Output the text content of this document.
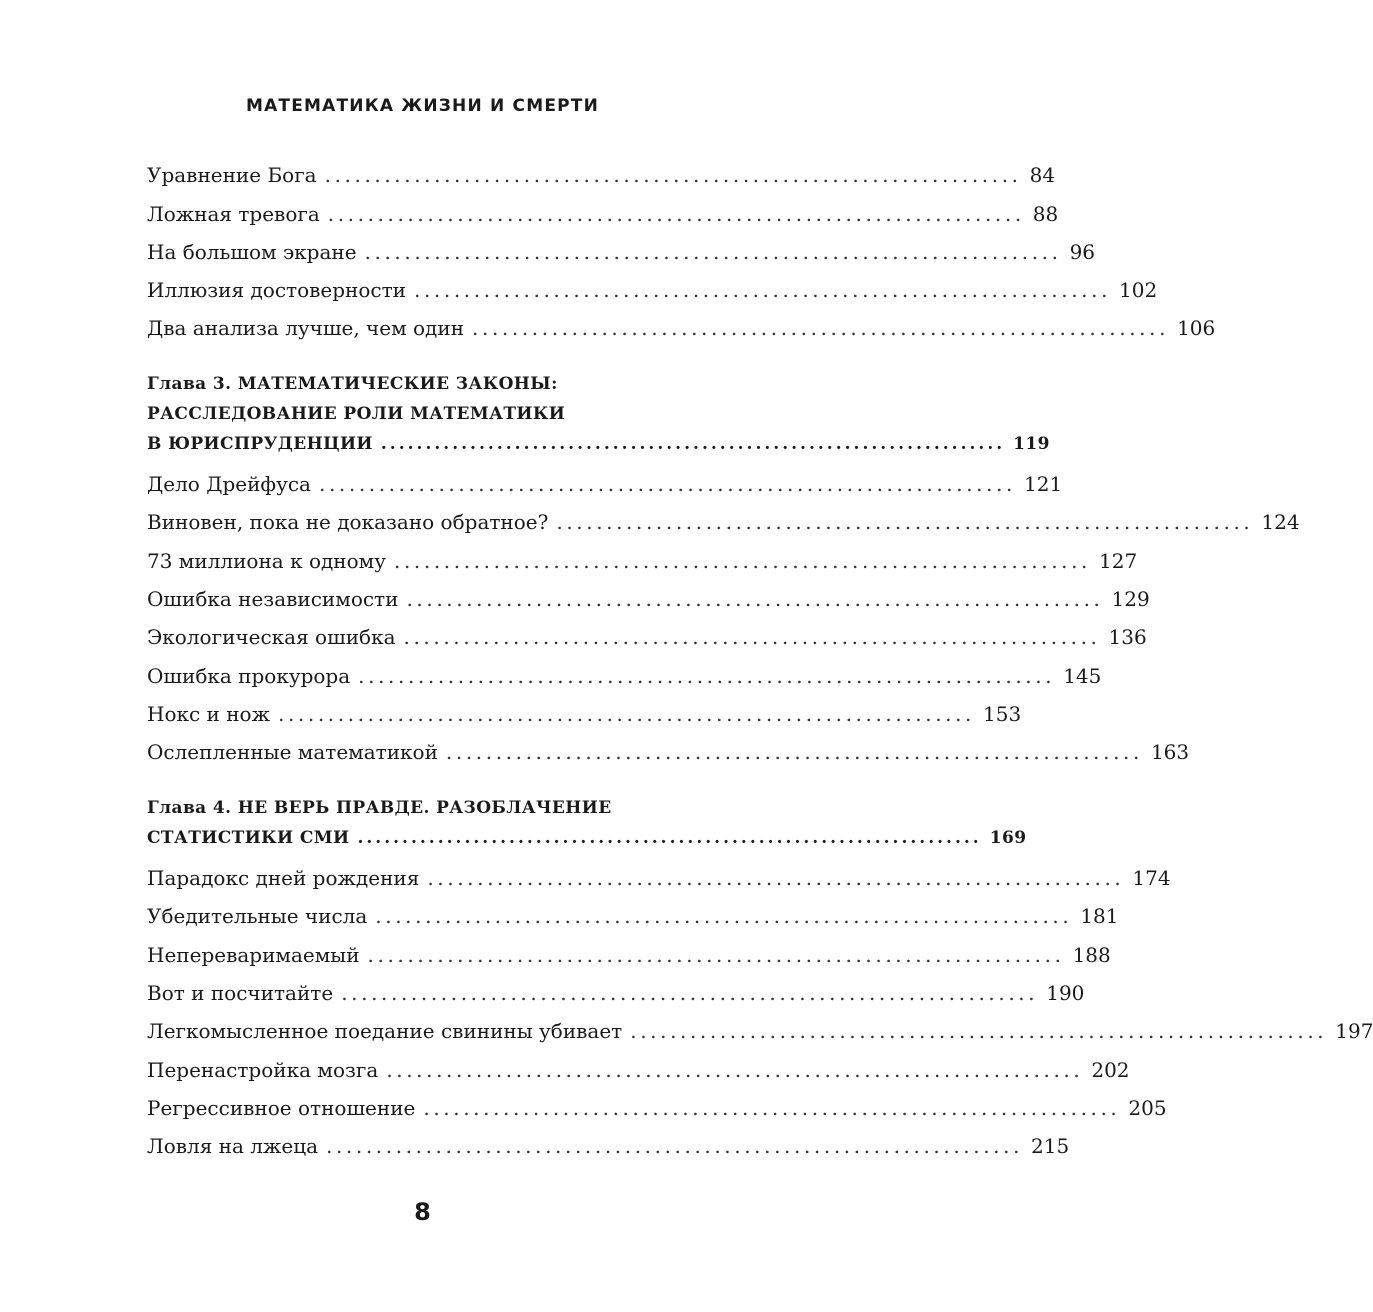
МАТЕМАТИКА ЖИЗНИ И СМЕРТИ
Уравнение Бога ...................................................................... 84
Ложная тревога ...................................................................... 88
На большом экране ...................................................................... 96
Иллюзия достоверности ...................................................................... 102
Два анализа лучше, чем один ...................................................................... 106
Глава 3. МАТЕМАТИЧЕСКИЕ ЗАКОНЫ:
РАССЛЕДОВАНИЕ РОЛИ МАТЕМАТИКИ
В ЮРИСПРУДЕНЦИИ ...................................................................... 119
Дело Дрейфуса ...................................................................... 121
Виновен, пока не доказано обратное? ...................................................................... 124
73 миллиона к одному ...................................................................... 127
Ошибка независимости ...................................................................... 129
Экологическая ошибка ...................................................................... 136
Ошибка прокурора ...................................................................... 145
Нокс и нож ...................................................................... 153
Ослепленные математикой ...................................................................... 163
Глава 4. НЕ ВЕРЬ ПРАВДЕ. РАЗОБЛАЧЕНИЕ
СТАТИСТИКИ СМИ ...................................................................... 169
Парадокс дней рождения ...................................................................... 174
Убедительные числа ...................................................................... 181
Непереваримаемый ...................................................................... 188
Вот и посчитайте ...................................................................... 190
Легкомысленное поедание свинины убивает ...................................................................... 197
Перенастройка мозга ...................................................................... 202
Регрессивное отношение ...................................................................... 205
Ловля на лжеца ...................................................................... 215
8
